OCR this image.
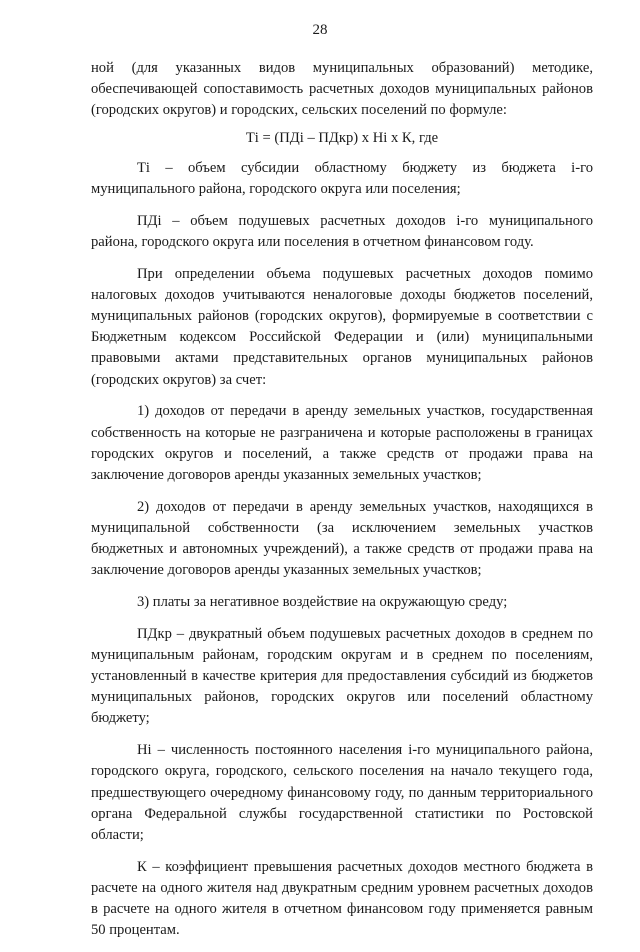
28

ной (для указанных видов муниципальных образований) методике, обеспечивающей сопоставимость расчетных доходов муниципальных районов (городских округов) и городских, сельских поселений по формуле:

Тi = (ПДi – ПДкр) х Нi х К, где

Тi – объем субсидии областному бюджету из бюджета i-го муниципального района, городского округа или поселения;

ПДi – объем подушевых расчетных доходов i-го муниципального района, городского округа или поселения в отчетном финансовом году.

При определении объема подушевых расчетных доходов помимо налоговых доходов учитываются неналоговые доходы бюджетов поселений, муниципальных районов (городских округов), формируемые в соответствии с Бюджетным кодексом Российской Федерации и (или) муниципальными правовыми актами представительных органов муниципальных районов (городских округов) за счет:

1) доходов от передачи в аренду земельных участков, государственная собственность на которые не разграничена и которые расположены в границах городских округов и поселений, а также средств от продажи права на заключение договоров аренды указанных земельных участков;

2) доходов от передачи в аренду земельных участков, находящихся в муниципальной собственности (за исключением земельных участков бюджетных и автономных учреждений), а также средств от продажи права на заключение договоров аренды указанных земельных участков;

3) платы за негативное воздействие на окружающую среду;

ПДкр – двукратный объем подушевых расчетных доходов в среднем по муниципальным районам, городским округам и в среднем по поселениям, установленный в качестве критерия для предоставления субсидий из бюджетов муниципальных районов, городских округов или поселений областному бюджету;

Нi – численность постоянного населения i-го муниципального района, городского округа, городского, сельского поселения на начало текущего года, предшествующего очередному финансовому году, по данным территориального органа Федеральной службы государственной статистики по Ростовской области;

К – коэффициент превышения расчетных доходов местного бюджета в расчете на одного жителя над двукратным средним уровнем расчетных доходов в расчете на одного жителя в отчетном финансовом году применяется равным 50 процентам.
